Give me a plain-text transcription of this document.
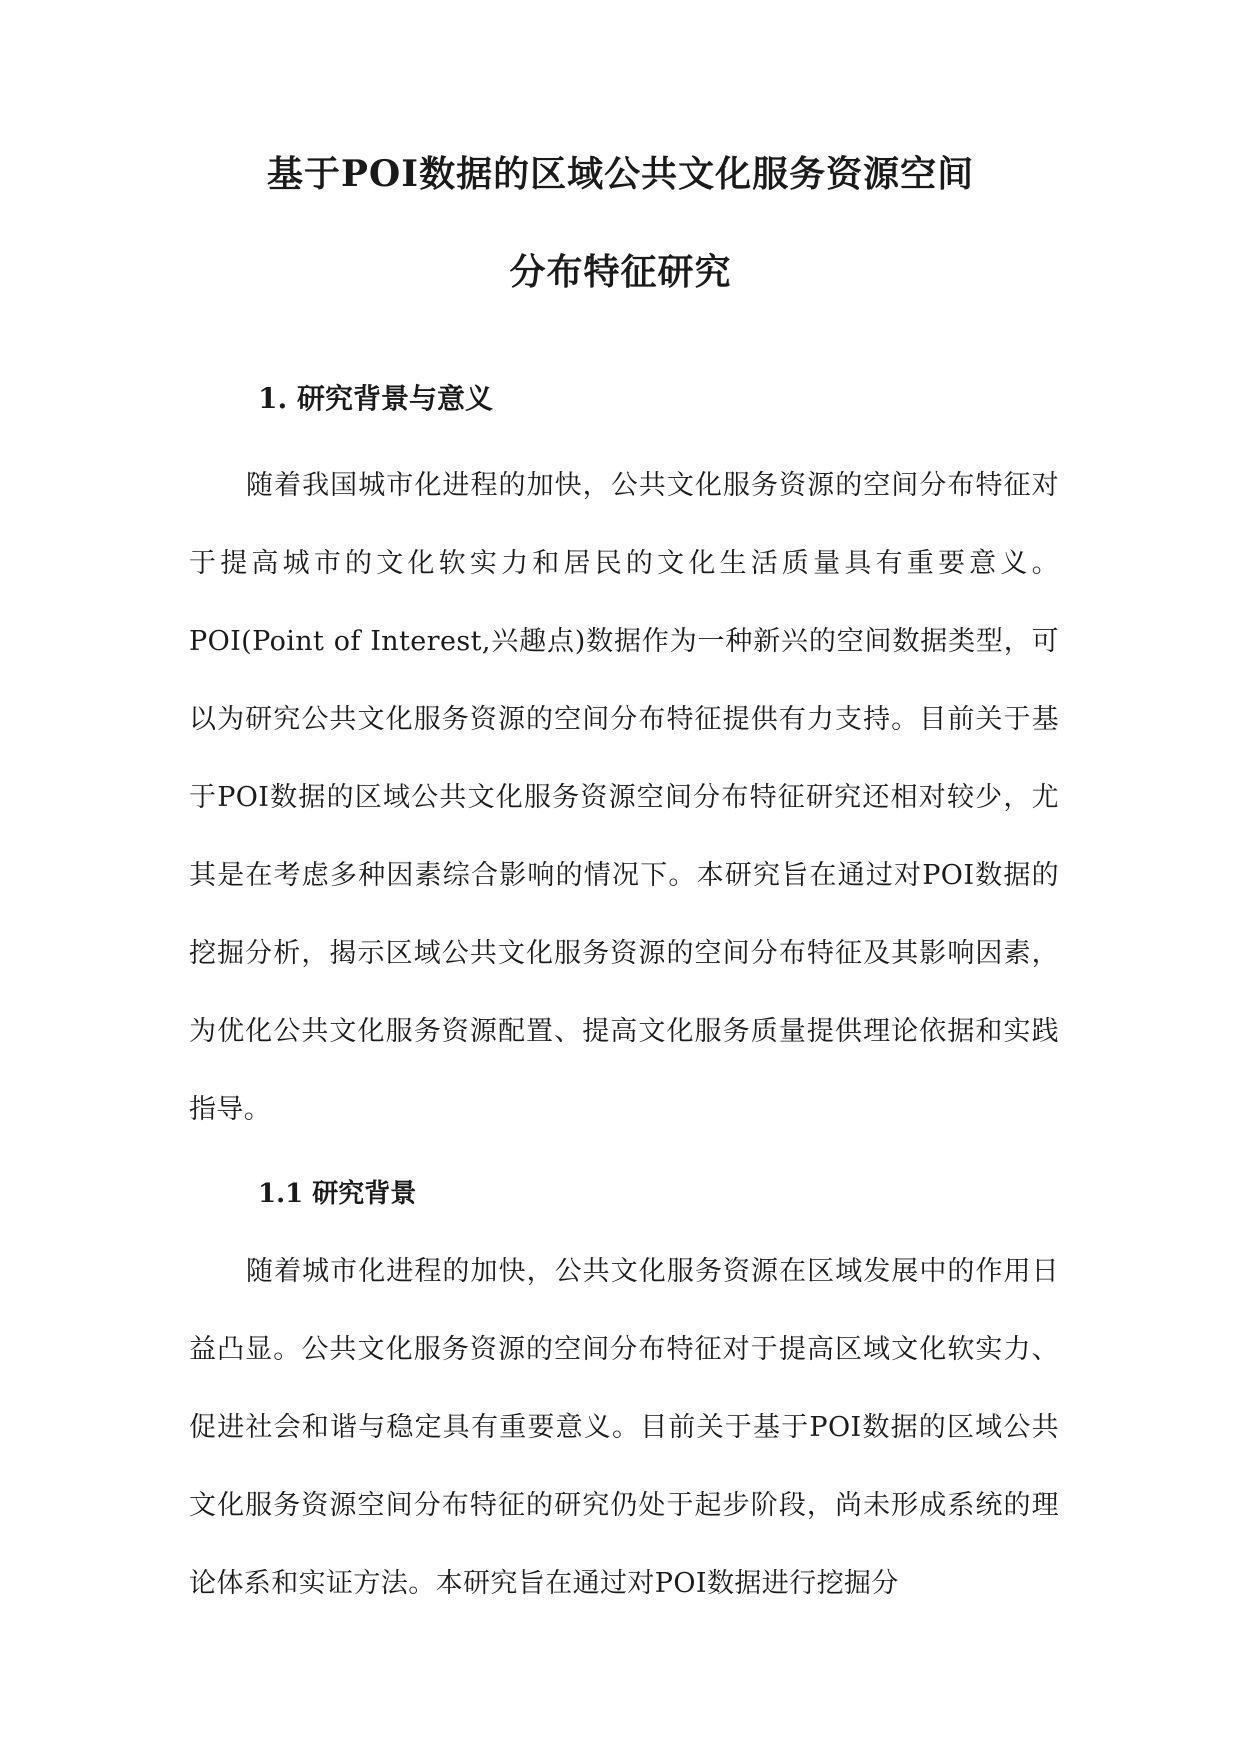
基于POI数据的区域公共文化服务资源空间
分布特征研究
1. 研究背景与意义

随着我国城市化进程的加快，公共文化服务资源的空间分布特征对于提高城市的文化软实力和居民的文化生活质量具有重要意义。POI(Point of Interest,兴趣点)数据作为一种新兴的空间数据类型，可以为研究公共文化服务资源的空间分布特征提供有力支持。目前关于基于POI数据的区域公共文化服务资源空间分布特征研究还相对较少，尤其是在考虑多种因素综合影响的情况下。本研究旨在通过对POI数据的挖掘分析，揭示区域公共文化服务资源的空间分布特征及其影响因素，为优化公共文化服务资源配置、提高文化服务质量提供理论依据和实践指导。

1.1 研究背景

随着城市化进程的加快，公共文化服务资源在区域发展中的作用日益凸显。公共文化服务资源的空间分布特征对于提高区域文化软实力、促进社会和谐与稳定具有重要意义。目前关于基于POI数据的区域公共文化服务资源空间分布特征的研究仍处于起步阶段，尚未形成系统的理论体系和实证方法。本研究旨在通过对POI数据进行挖掘分
